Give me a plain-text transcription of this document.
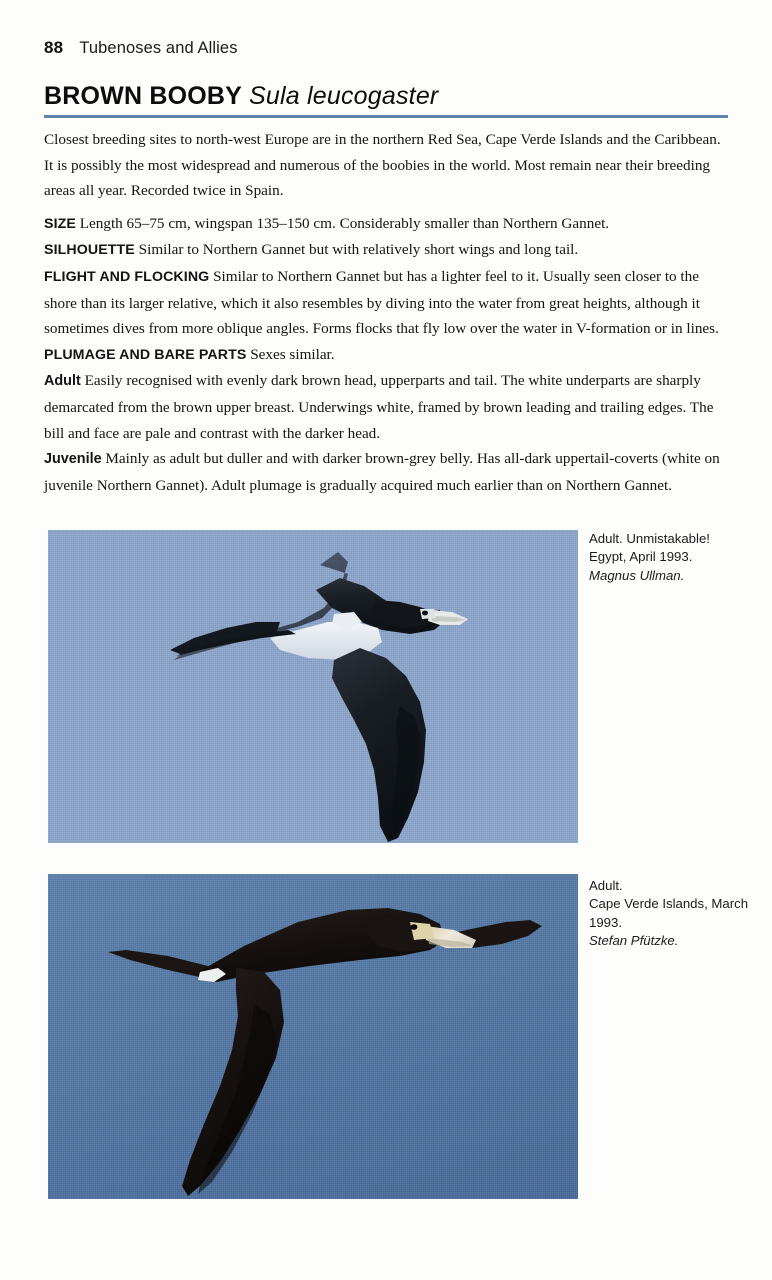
88 Tubenoses and Allies
BROWN BOOBY Sula leucogaster

Closest breeding sites to north-west Europe are in the northern Red Sea, Cape Verde Islands and the Caribbean. It is possibly the most widespread and numerous of the boobies in the world. Most remain near their breeding areas all year. Recorded twice in Spain.

SIZE Length 65–75 cm, wingspan 135–150 cm. Considerably smaller than Northern Gannet.

SILHOUETTE Similar to Northern Gannet but with relatively short wings and long tail.

FLIGHT AND FLOCKING Similar to Northern Gannet but has a lighter feel to it. Usually seen closer to the shore than its larger relative, which it also resembles by diving into the water from great heights, although it sometimes dives from more oblique angles. Forms flocks that fly low over the water in V-formation or in lines.

PLUMAGE AND BARE PARTS Sexes similar.

Adult Easily recognised with evenly dark brown head, upperparts and tail. The white underparts are sharply demarcated from the brown upper breast. Underwings white, framed by brown leading and trailing edges. The bill and face are pale and contrast with the darker head.

Juvenile Mainly as adult but duller and with darker brown-grey belly. Has all-dark uppertail-coverts (white on juvenile Northern Gannet). Adult plumage is gradually acquired much earlier than on Northern Gannet.

Adult. Unmistakable!
Egypt, April 1993.
Magnus Ullman.
Adult.
Cape Verde Islands, March 1993.
Stefan Pfützke.
